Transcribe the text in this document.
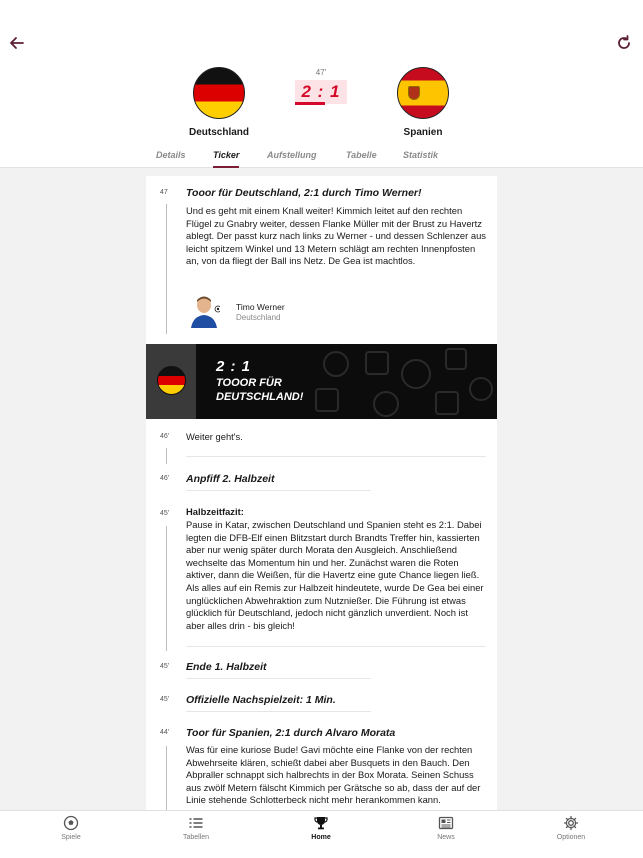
Deutschland
47'
2 : 1
Spanien
Details	Ticker	Aufstellung	Tabelle	Statistik
47 Tooor für Deutschland, 2:1 durch Timo Werner!
Und es geht mit einem Knall weiter! Kimmich leitet auf den rechten Flügel zu Gnabry weiter, dessen Flanke Müller mit der Brust zu Havertz ablegt. Der passt kurz nach links zu Werner - und dessen Schlenzer aus leicht spitzem Winkel und 13 Metern schlägt am rechten Innenpfosten an, von da fliegt der Ball ins Netz. De Gea ist machtlos.
Timo Werner
Deutschland
2 : 1
TOOOR FÜR DEUTSCHLAND!
46' Weiter geht's.
46' Anpfiff 2. Halbzeit
45' Halbzeitfazit:
Pause in Katar, zwischen Deutschland und Spanien steht es 2:1. Dabei legten die DFB-Elf einen Blitzstart durch Brandts Treffer hin, kassierten aber nur wenig später durch Morata den Ausgleich. Anschließend wechselte das Momentum hin und her. Zunächst waren die Roten aktiver, dann die Weißen, für die Havertz eine gute Chance liegen ließ. Als alles auf ein Remis zur Halbzeit hindeutete, wurde De Gea bei einer unglücklichen Abwehraktion zum Nutznießer. Die Führung ist etwas glücklich für Deutschland, jedoch nicht gänzlich unverdient. Noch ist aber alles drin - bis gleich!
45' Ende 1. Halbzeit
45' Offizielle Nachspielzeit: 1 Min.
44' Toor für Spanien, 2:1 durch Alvaro Morata
Was für eine kuriose Bude! Gavi möchte eine Flanke von der rechten Abwehrseite klären, schießt dabei aber Busquets in den Bauch. Den Abpraller schnappt sich halbrechts in der Box Morata. Seinen Schuss aus zwölf Metern fälscht Kimmich per Grätsche so ab, dass der auf der Linie stehende Schlotterbeck nicht mehr herankommen kann.
Spiele	Tabellen	Home	News	Optionen
